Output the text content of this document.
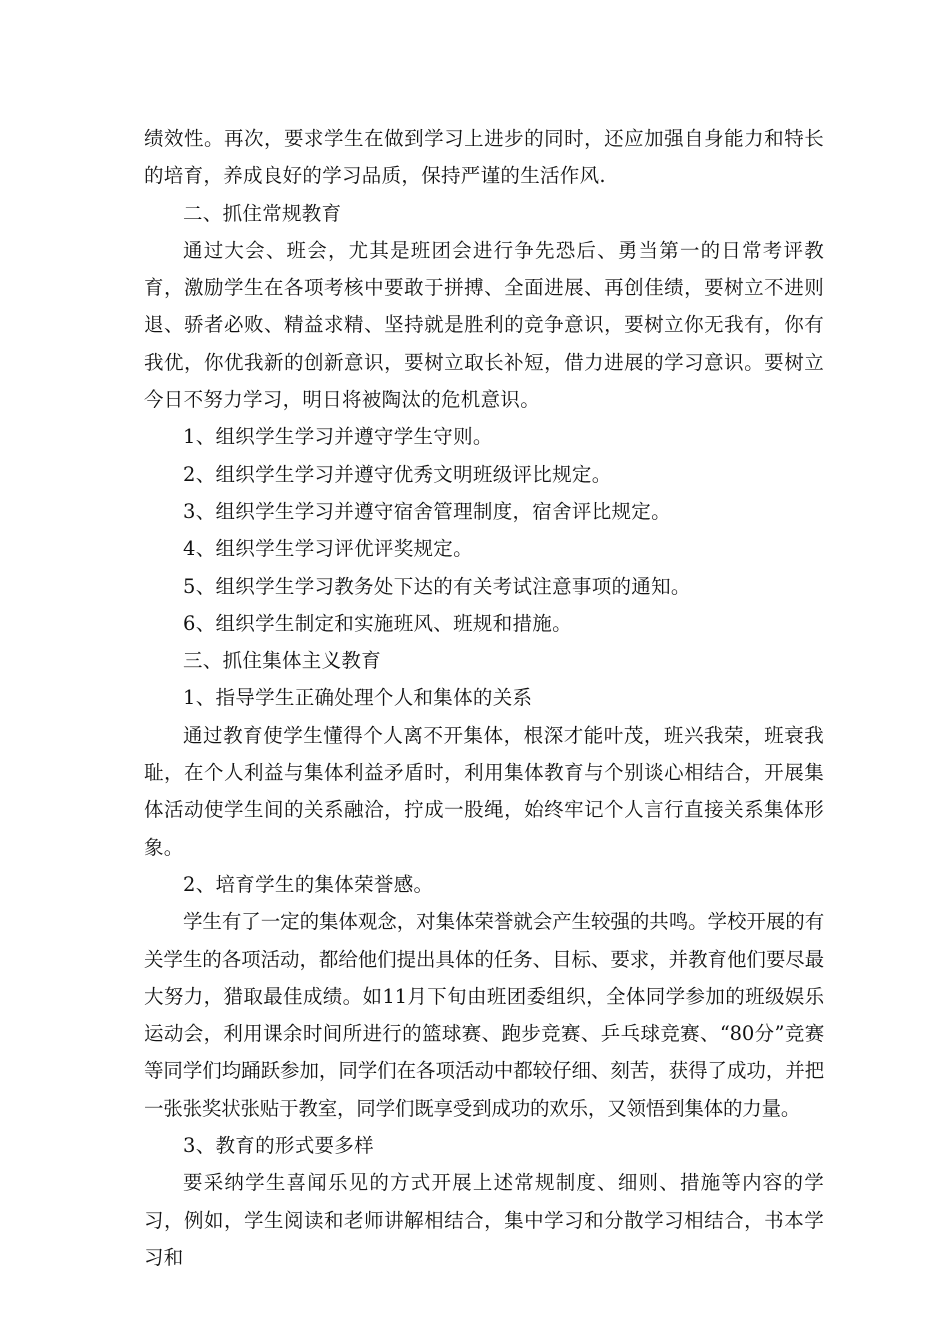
绩效性。再次，要求学生在做到学习上进步的同时，还应加强自身能力和特长的培育，养成良好的学习品质，保持严谨的生活作风.

二、抓住常规教育

通过大会、班会，尤其是班团会进行争先恐后、勇当第一的日常考评教育，激励学生在各项考核中要敢于拼搏、全面进展、再创佳绩，要树立不进则退、骄者必败、精益求精、坚持就是胜利的竞争意识，要树立你无我有，你有我优，你优我新的创新意识，要树立取长补短，借力进展的学习意识。要树立今日不努力学习，明日将被陶汰的危机意识。

1、组织学生学习并遵守学生守则。

2、组织学生学习并遵守优秀文明班级评比规定。

3、组织学生学习并遵守宿舍管理制度，宿舍评比规定。

4、组织学生学习评优评奖规定。

5、组织学生学习教务处下达的有关考试注意事项的通知。

6、组织学生制定和实施班风、班规和措施。

三、抓住集体主义教育

1、指导学生正确处理个人和集体的关系

通过教育使学生懂得个人离不开集体，根深才能叶茂，班兴我荣，班衰我耻，在个人利益与集体利益矛盾时，利用集体教育与个别谈心相结合，开展集体活动使学生间的关系融洽，拧成一股绳，始终牢记个人言行直接关系集体形象。

2、培育学生的集体荣誉感。

学生有了一定的集体观念，对集体荣誉就会产生较强的共鸣。学校开展的有关学生的各项活动，都给他们提出具体的任务、目标、要求，并教育他们要尽最大努力，猎取最佳成绩。如11月下旬由班团委组织，全体同学参加的班级娱乐运动会，利用课余时间所进行的篮球赛、跑步竞赛、乒乓球竞赛、“80分”竞赛等同学们均踊跃参加，同学们在各项活动中都较仔细、刻苦，获得了成功，并把一张张奖状张贴于教室，同学们既享受到成功的欢乐，又领悟到集体的力量。

3、教育的形式要多样

要采纳学生喜闻乐见的方式开展上述常规制度、细则、措施等内容的学习，例如，学生阅读和老师讲解相结合，集中学习和分散学习相结合，书本学习和
